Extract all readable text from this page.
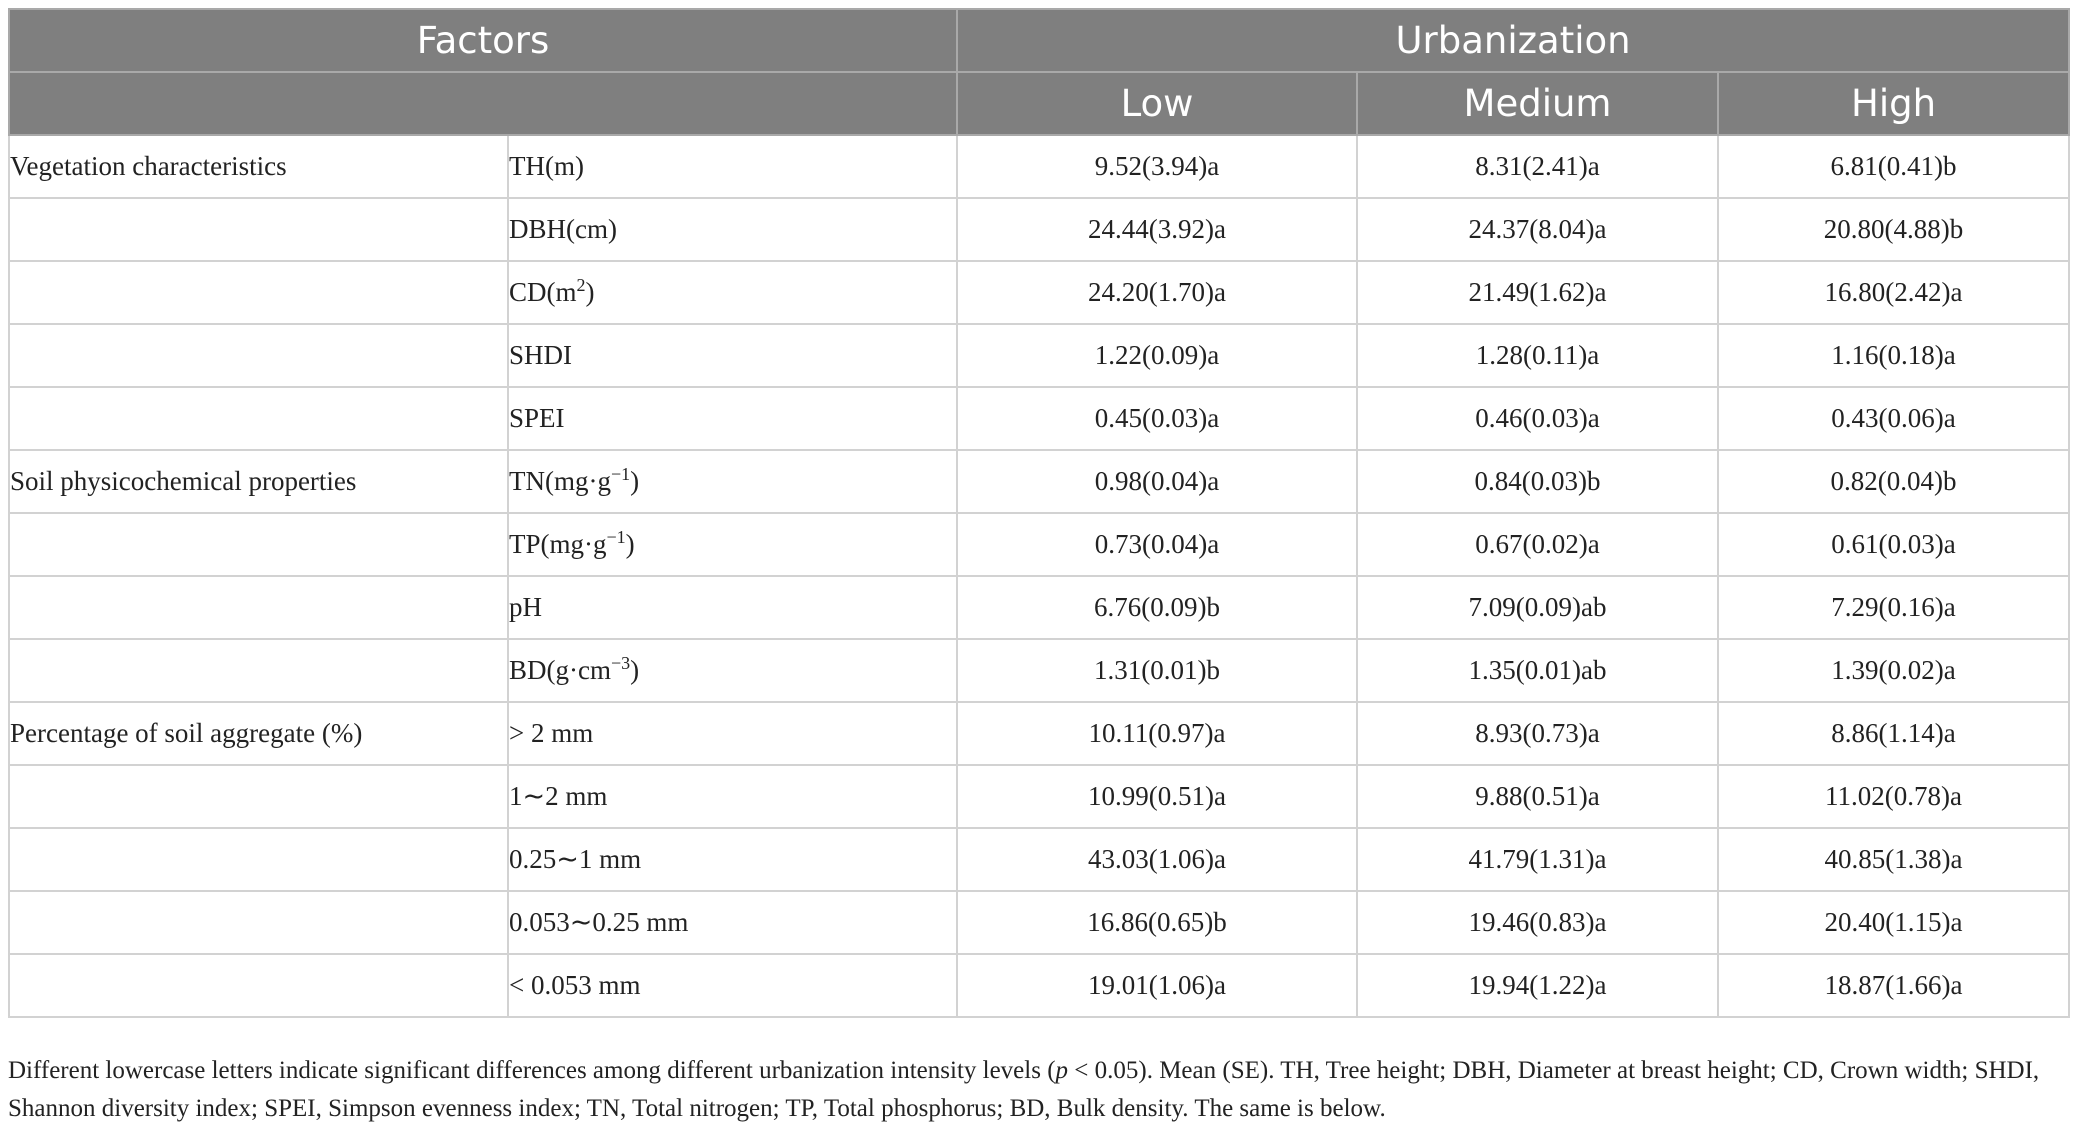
Factors		Urbanization		
		Low	Medium	High
Vegetation characteristics	TH(m)	9.52(3.94)a	8.31(2.41)a	6.81(0.41)b
	DBH(cm)	24.44(3.92)a	24.37(8.04)a	20.80(4.88)b
	$CD(m^2)$	24.20(1.70)a	21.49(1.62)a	16.80(2.42)a
	SHDI	1.22(0.09)a	1.28(0.11)a	1.16(0.18)a
	SPEI	0.45(0.03)a	0.46(0.03)a	0.43(0.06)a
Soil physicochemical properties	$TN(mg\cdot g^{-1})$	0.98(0.04)a	0.84(0.03)b	0.82(0.04)b
	$TP(mg\cdot g^{-1})$	0.73(0.04)a	0.67(0.02)a	0.61(0.03)a
	pH	6.76(0.09)b	7.09(0.09)ab	7.29(0.16)a
	$BD(g\cdot cm^{-3})$	1.31(0.01)b	1.35(0.01)ab	1.39(0.02)a
Percentage of soil aggregate (%)	> 2 mm	10.11(0.97)a	8.93(0.73)a	8.86(1.14)a
	1∼2 mm	10.99(0.51)a	9.88(0.51)a	11.02(0.78)a
	0.25∼1 mm	43.03(1.06)a	41.79(1.31)a	40.85(1.38)a
	0.053∼0.25 mm	16.86(0.65)b	19.46(0.83)a	20.40(1.15)a
	< 0.053 mm	19.01(1.06)a	19.94(1.22)a	18.87(1.66)a

Different lowercase letters indicate significant differences among different urbanization intensity levels (p < 0.05). Mean (SE). TH, Tree height; DBH, Diameter at breast height; CD, Crown width; SHDI, Shannon diversity index; SPEI, Simpson evenness index; TN, Total nitrogen; TP, Total phosphorus; BD, Bulk density. The same is below.
